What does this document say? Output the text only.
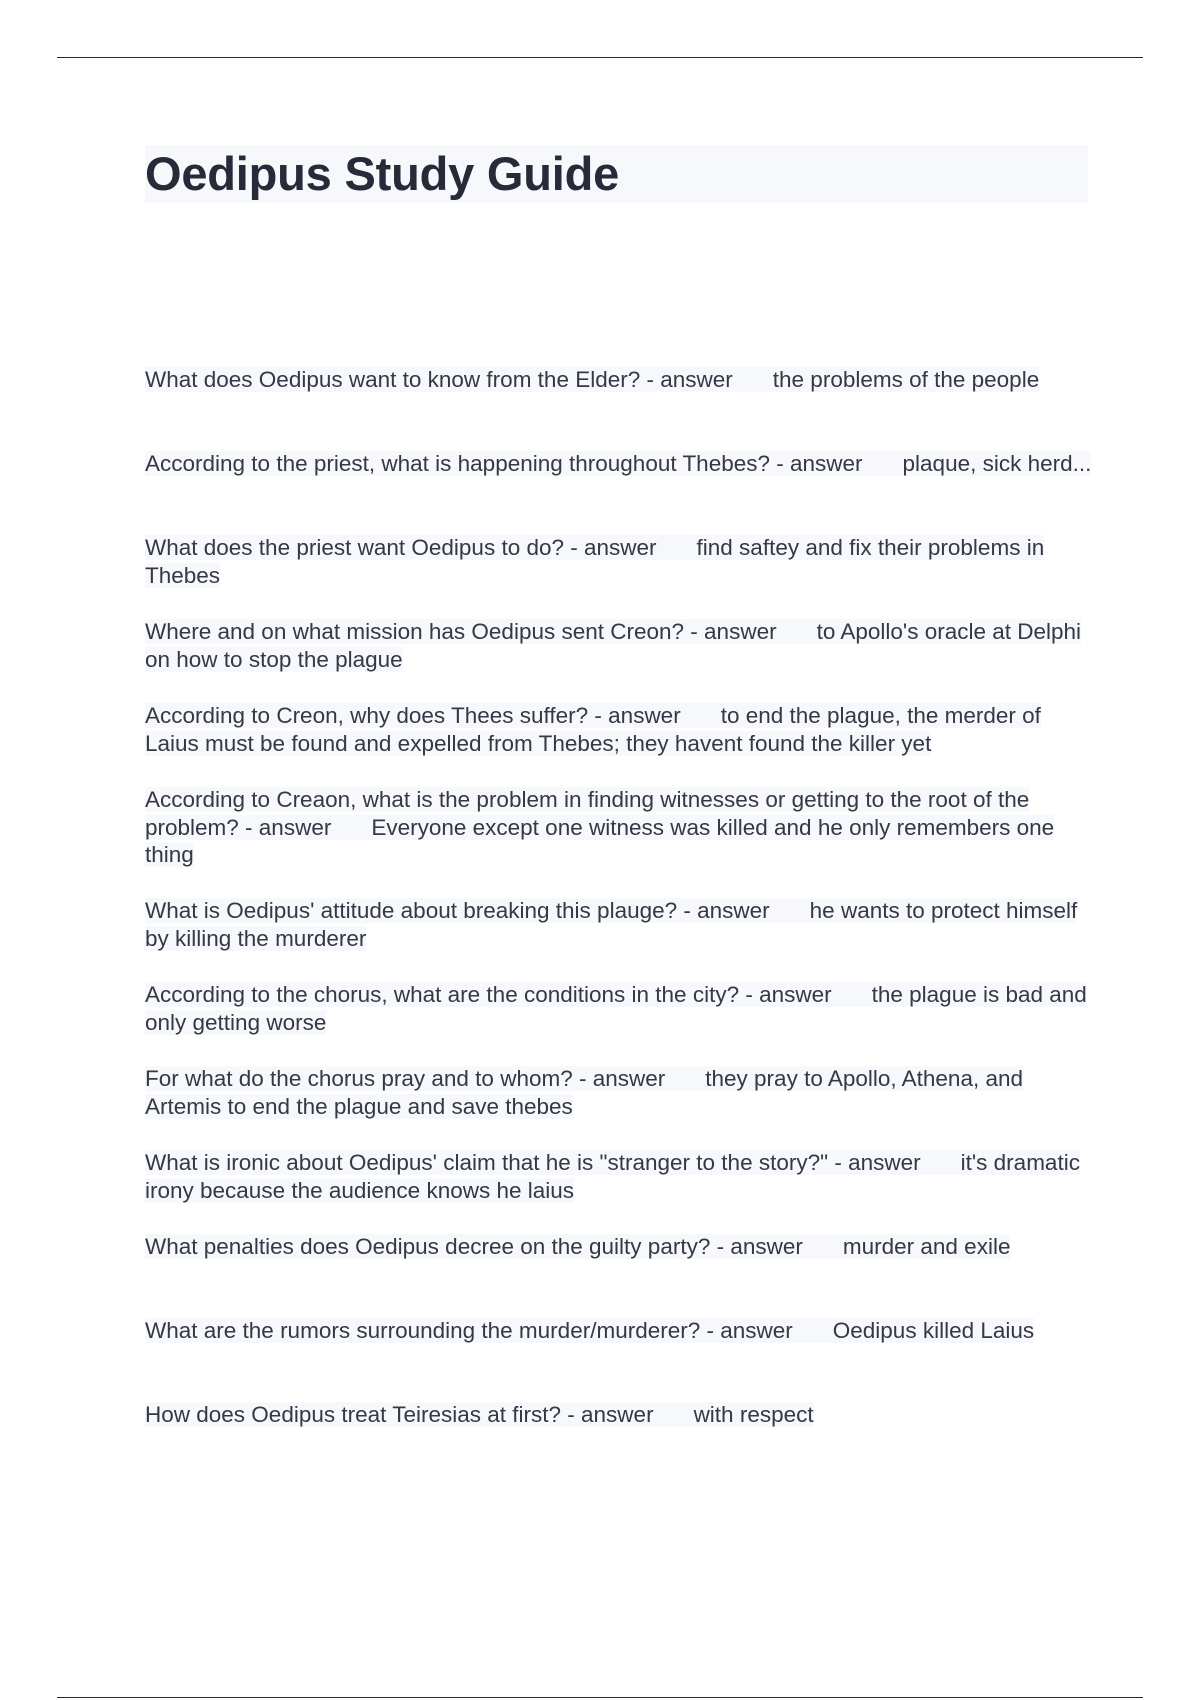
Oedipus Study Guide
What does Oedipus want to know from the Elder? - answer the problems of the people
According to the priest, what is happening throughout Thebes? - answer plaque, sick herd...
What does the priest want Oedipus to do? - answer find saftey and fix their problems in Thebes
Where and on what mission has Oedipus sent Creon? - answer to Apollo's oracle at Delphi on how to stop the plague
According to Creon, why does Thees suffer? - answer to end the plague, the merder of Laius must be found and expelled from Thebes; they havent found the killer yet
According to Creaon, what is the problem in finding witnesses or getting to the root of the problem? - answer Everyone except one witness was killed and he only remembers one thing
What is Oedipus' attitude about breaking this plauge? - answer he wants to protect himself by killing the murderer
According to the chorus, what are the conditions in the city? - answer the plague is bad and only getting worse
For what do the chorus pray and to whom? - answer they pray to Apollo, Athena, and Artemis to end the plague and save thebes
What is ironic about Oedipus' claim that he is "stranger to the story?" - answer it's dramatic irony because the audience knows he laius
What penalties does Oedipus decree on the guilty party? - answer murder and exile
What are the rumors surrounding the murder/murderer? - answer Oedipus killed Laius
How does Oedipus treat Teiresias at first? - answer with respect
